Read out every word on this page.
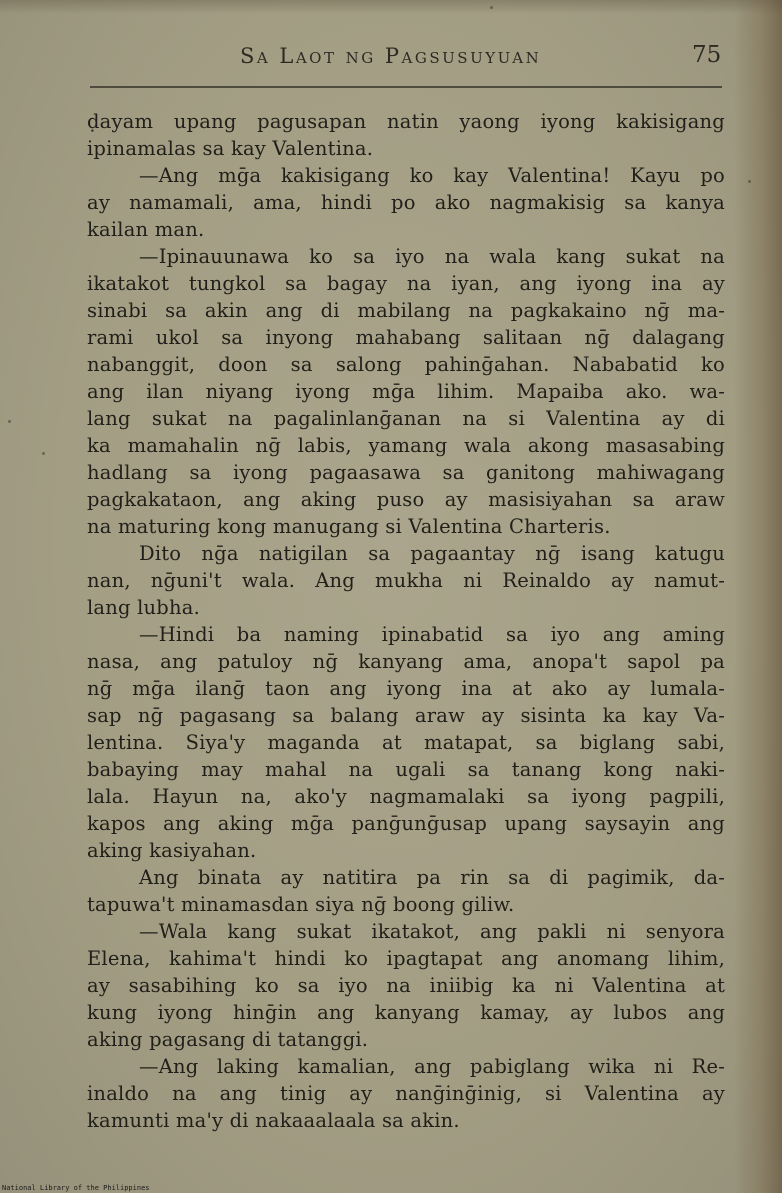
Sa Laot ng Pagsusuyuan	75
ḍayam upang pagusapan natin yaong iyong kakisigang
ipinamalas sa kay Valentina.
—Ang mḡa kakisigang ko kay Valentina! Kayu po
ay namamali, ama, hindi po ako nagmakisig sa kanya
kailan man.
—Ipinauunawa ko sa iyo na wala kang sukat na
ikatakot tungkol sa bagay na iyan, ang iyong ina ay
sinabi sa akin ang di mabilang na pagkakaino nḡ ma-
rami ukol sa inyong mahabang salitaan nḡ dalagang
nabanggit, doon sa salong pahinḡahan. Nababatid ko
ang ilan niyang iyong mḡa lihim. Mapaiba ako. wa-
lang sukat na pagalinlanḡanan na si Valentina ay di
ka mamahalin nḡ labis, yamang wala akong masasabing
hadlang sa iyong pagaasawa sa ganitong mahiwagang
pagkakataon, ang aking puso ay masisiyahan sa araw
na maturing kong manugang si Valentina Charteris.
Dito nḡa natigilan sa pagaantay nḡ isang katugu
nan, nḡuni't wala. Ang mukha ni Reinaldo ay namut-
lang lubha.
—Hindi ba naming ipinabatid sa iyo ang aming
nasa, ang patuloy nḡ kanyang ama, anopa't sapol pa
nḡ mḡa ilanḡ taon ang iyong ina at ako ay lumala-
sap nḡ pagasang sa balang araw ay sisinta ka kay Va-
lentina. Siya'y maganda at matapat, sa biglang sabi,
babaying may mahal na ugali sa tanang kong naki-
lala. Hayun na, ako'y nagmamalaki sa iyong pagpili,
kapos ang aking mḡa panḡunḡusap upang saysayin ang
aking kasiyahan.
Ang binata ay natitira pa rin sa di pagimik, da-
tapuwa't minamasdan siya nḡ boong giliw.
—Wala kang sukat ikatakot, ang pakli ni senyora
Elena, kahima't hindi ko ipagtapat ang anomang lihim,
ay sasabihing ko sa iyo na iniibig ka ni Valentina at
kung iyong hinḡin ang kanyang kamay, ay lubos ang
aking pagasang di tatanggi.
—Ang laking kamalian, ang pabiglang wika ni Re-
inaldo na ang tinig ay nanḡinḡinig, si Valentina ay
kamunti ma'y di nakaaalaala sa akin.
National Library of the Philippines
